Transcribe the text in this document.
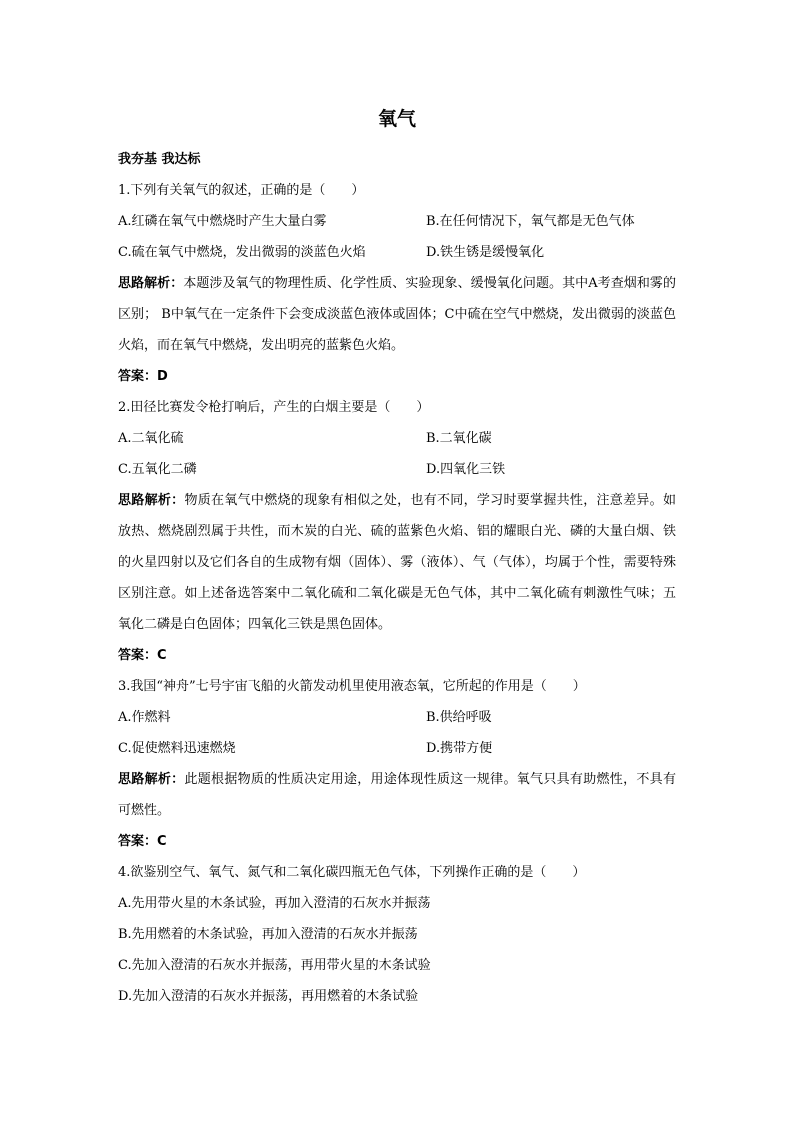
氧气
我夯基 我达标
1.下列有关氧气的叙述，正确的是（　　）
A.红磷在氧气中燃烧时产生大量白雾	B.在任何情况下，氧气都是无色气体
C.硫在氧气中燃烧，发出微弱的淡蓝色火焰	D.铁生锈是缓慢氧化
思路解析：本题涉及氧气的物理性质、化学性质、实验现象、缓慢氧化问题。其中A考查烟和雾的区别； B中氧气在一定条件下会变成淡蓝色液体或固体；C中硫在空气中燃烧，发出微弱的淡蓝色火焰，而在氧气中燃烧，发出明亮的蓝紫色火焰。
答案：D
2.田径比赛发令枪打响后，产生的白烟主要是（　　）
A.二氧化硫	B.二氧化碳
C.五氧化二磷	D.四氧化三铁
思路解析：物质在氧气中燃烧的现象有相似之处，也有不同，学习时要掌握共性，注意差异。如放热、燃烧剧烈属于共性，而木炭的白光、硫的蓝紫色火焰、铝的耀眼白光、磷的大量白烟、铁的火星四射以及它们各自的生成物有烟（固体）、雾（液体）、气（气体），均属于个性，需要特殊区别注意。如上述备选答案中二氧化硫和二氧化碳是无色气体，其中二氧化硫有刺激性气味；五氧化二磷是白色固体；四氧化三铁是黑色固体。
答案：C
3.我国“神舟”七号宇宙飞船的火箭发动机里使用液态氧，它所起的作用是（　　）
A.作燃料	B.供给呼吸
C.促使燃料迅速燃烧	D.携带方便
思路解析：此题根据物质的性质决定用途，用途体现性质这一规律。氧气只具有助燃性，不具有可燃性。
答案：C
4.欲鉴别空气、氧气、氮气和二氧化碳四瓶无色气体，下列操作正确的是（　　）
A.先用带火星的木条试验，再加入澄清的石灰水并振荡
B.先用燃着的木条试验，再加入澄清的石灰水并振荡
C.先加入澄清的石灰水并振荡，再用带火星的木条试验
D.先加入澄清的石灰水并振荡，再用燃着的木条试验
